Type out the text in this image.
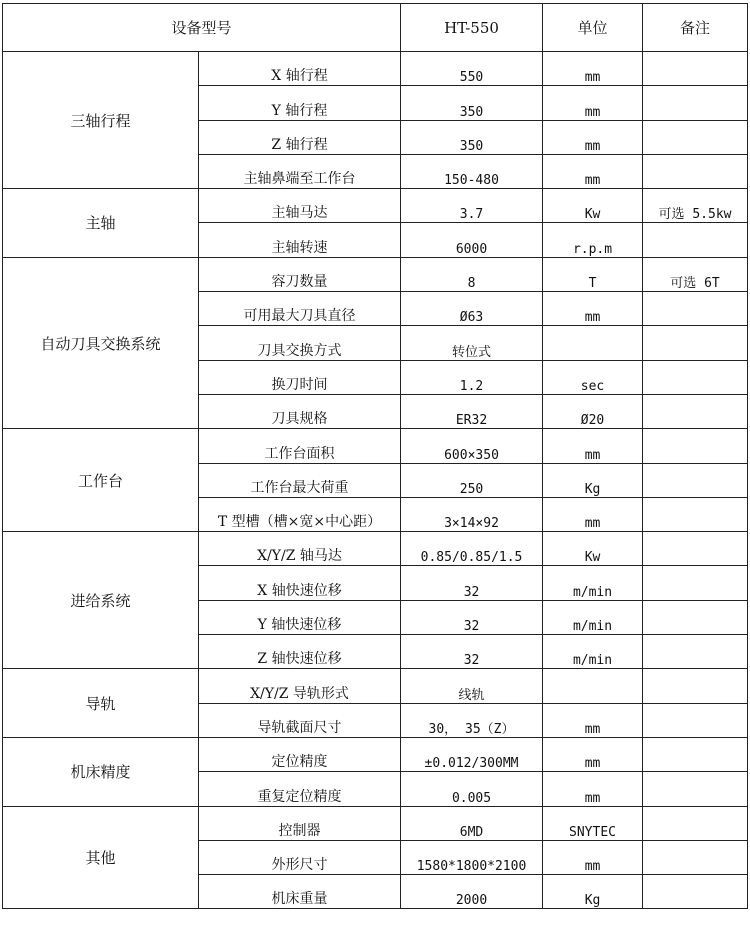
设备型号		HT-550	单位	备注
三轴行程	X 轴行程	550	mm	
	Y 轴行程	350	mm	
	Z 轴行程	350	mm	
	主轴鼻端至工作台	150-480	mm	
主轴	主轴马达	3.7	Kw	可选 5.5kw
	主轴转速	6000	r.p.m	
自动刀具交换系统	容刀数量	8	T	可选 6T
	可用最大刀具直径	Ø63	mm	
	刀具交换方式	转位式		
	换刀时间	1.2	sec	
	刀具规格	ER32	Ø20	
工作台	工作台面积	600×350	mm	
	工作台最大荷重	250	Kg	
	T 型槽（槽×宽×中心距）	3×14×92	mm	
进给系统	X/Y/Z 轴马达	0.85/0.85/1.5	Kw	
	X 轴快速位移	32	m/min	
	Y 轴快速位移	32	m/min	
	Z 轴快速位移	32	m/min	
导轨	X/Y/Z 导轨形式	线轨		
	导轨截面尺寸	30， 35（Z）	mm	
机床精度	定位精度	±0.012/300MM	mm	
	重复定位精度	0.005	mm	
其他	控制器	6MD	SNYTEC	
	外形尺寸	1580*1800*2100	mm	
	机床重量	2000	Kg	
